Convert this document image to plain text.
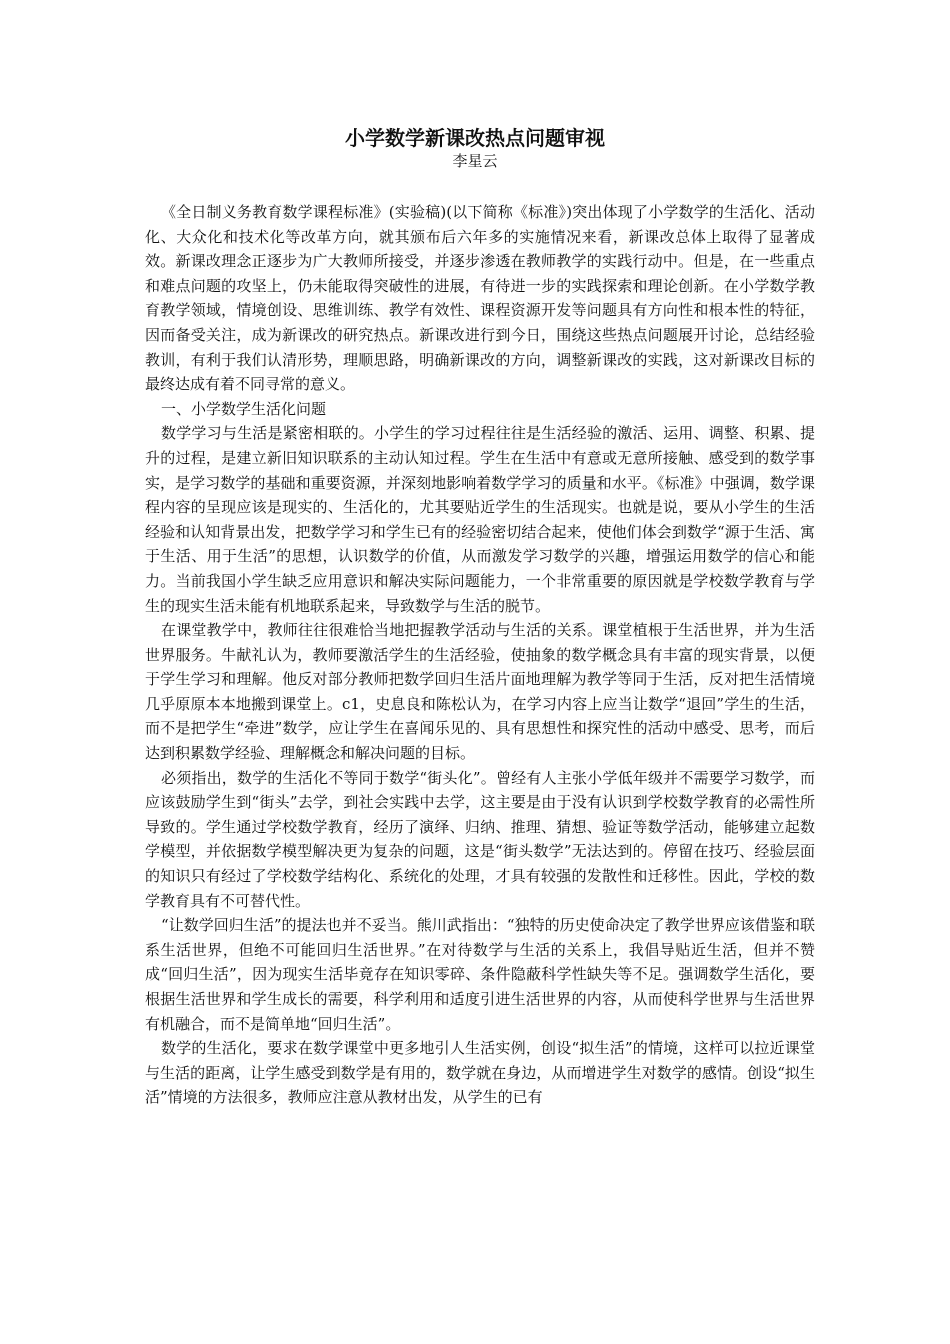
小学数学新课改热点问题审视
李星云

《全日制义务教育数学课程标准》(实验稿)(以下简称《标准》)突出体现了小学数学的生活化、活动化、大众化和技术化等改革方向，就其颁布后六年多的实施情况来看，新课改总体上取得了显著成效。新课改理念正逐步为广大教师所接受，并逐步渗透在教师教学的实践行动中。但是，在一些重点和难点问题的攻坚上，仍未能取得突破性的进展，有待进一步的实践探索和理论创新。在小学数学教育教学领域，情境创设、思维训练、教学有效性、课程资源开发等问题具有方向性和根本性的特征，因而备受关注，成为新课改的研究热点。新课改进行到今日，围绕这些热点问题展开讨论，总结经验教训，有利于我们认清形势，理顺思路，明确新课改的方向，调整新课改的实践，这对新课改目标的最终达成有着不同寻常的意义。

一、小学数学生活化问题

数学学习与生活是紧密相联的。小学生的学习过程往往是生活经验的激活、运用、调整、积累、提升的过程，是建立新旧知识联系的主动认知过程。学生在生活中有意或无意所接触、感受到的数学事实，是学习数学的基础和重要资源，并深刻地影响着数学学习的质量和水平。《标准》中强调，数学课程内容的呈现应该是现实的、生活化的，尤其要贴近学生的生活现实。也就是说，要从小学生的生活经验和认知背景出发，把数学学习和学生已有的经验密切结合起来，使他们体会到数学“源于生活、寓于生活、用于生活”的思想，认识数学的价值，从而激发学习数学的兴趣，增强运用数学的信心和能力。当前我国小学生缺乏应用意识和解决实际问题能力，一个非常重要的原因就是学校数学教育与学生的现实生活未能有机地联系起来，导致数学与生活的脱节。

在课堂教学中，教师往往很难恰当地把握教学活动与生活的关系。课堂植根于生活世界，并为生活世界服务。牛献礼认为，教师要激活学生的生活经验，使抽象的数学概念具有丰富的现实背景，以便于学生学习和理解。他反对部分教师把数学回归生活片面地理解为教学等同于生活，反对把生活情境几乎原原本本地搬到课堂上。c1，史息良和陈松认为，在学习内容上应当让数学“退回”学生的生活，而不是把学生“牵进”数学，应让学生在喜闻乐见的、具有思想性和探究性的活动中感受、思考，而后达到积累数学经验、理解概念和解决问题的目标。

必须指出，数学的生活化不等同于数学“街头化”。曾经有人主张小学低年级并不需要学习数学，而应该鼓励学生到“街头”去学，到社会实践中去学，这主要是由于没有认识到学校数学教育的必需性所导致的。学生通过学校数学教育，经历了演绎、归纳、推理、猜想、验证等数学活动，能够建立起数学模型，并依据数学模型解决更为复杂的问题，这是“街头数学”无法达到的。停留在技巧、经验层面的知识只有经过了学校数学结构化、系统化的处理，才具有较强的发散性和迁移性。因此，学校的数学教育具有不可替代性。

“让数学回归生活”的提法也并不妥当。熊川武指出：“独特的历史使命决定了教学世界应该借鉴和联系生活世界，但绝不可能回归生活世界。”在对待数学与生活的关系上，我倡导贴近生活，但并不赞成“回归生活”，因为现实生活毕竟存在知识零碎、条件隐蔽科学性缺失等不足。强调数学生活化，要根据生活世界和学生成长的需要，科学利用和适度引进生活世界的内容，从而使科学世界与生活世界有机融合，而不是简单地“回归生活”。

数学的生活化，要求在数学课堂中更多地引人生活实例，创设“拟生活”的情境，这样可以拉近课堂与生活的距离，让学生感受到数学是有用的，数学就在身边，从而增进学生对数学的感情。创设“拟生活”情境的方法很多，教师应注意从教材出发，从学生的已有
